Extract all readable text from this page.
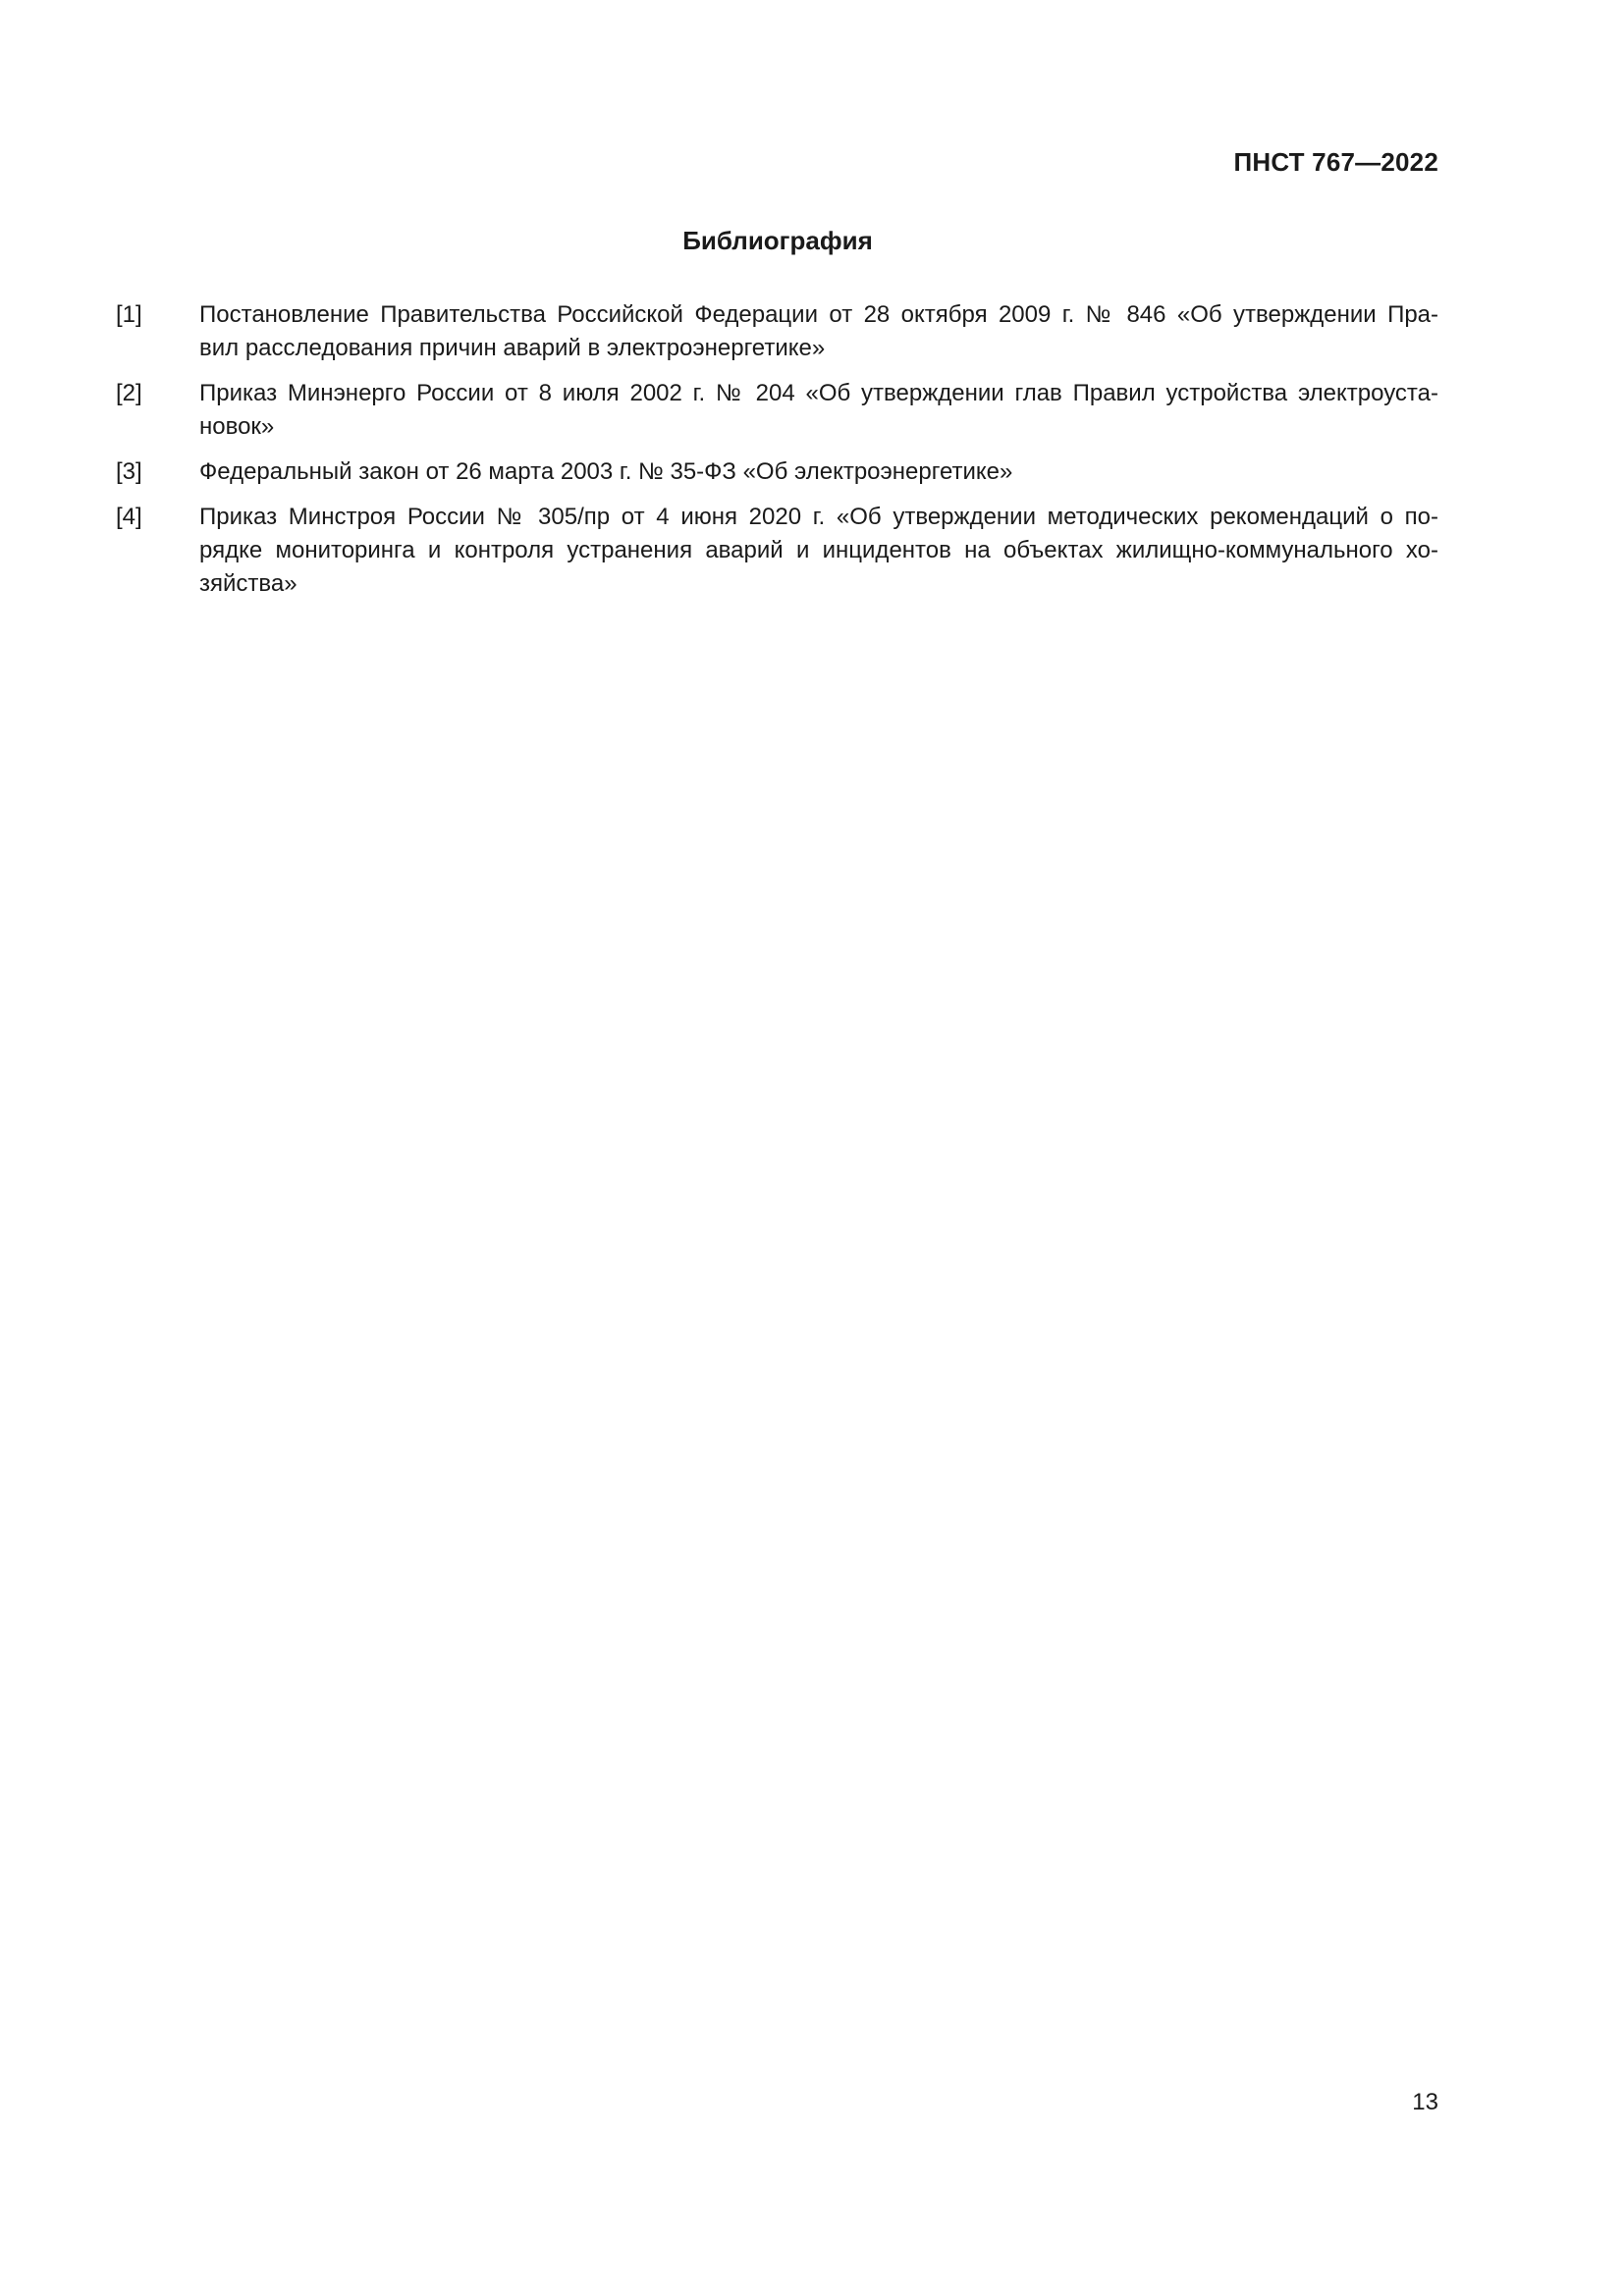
ПНСТ 767—2022
Библиография
[1]	Постановление Правительства Российской Федерации от 28 октября 2009 г. № 846 «Об утверждении Пра-
вил расследования причин аварий в электроэнергетике»
[2]	Приказ Минэнерго России от 8 июля 2002 г. № 204 «Об утверждении глав Правил устройства электроуста-
новок»
[3]	Федеральный закон от 26 марта 2003 г. № 35-ФЗ «Об электроэнергетике»
[4]	Приказ Минстроя России № 305/пр от 4 июня 2020 г. «Об утверждении методических рекомендаций о по-
рядке мониторинга и контроля устранения аварий и инцидентов на объектах жилищно-коммунального хо-
зяйства»
13
